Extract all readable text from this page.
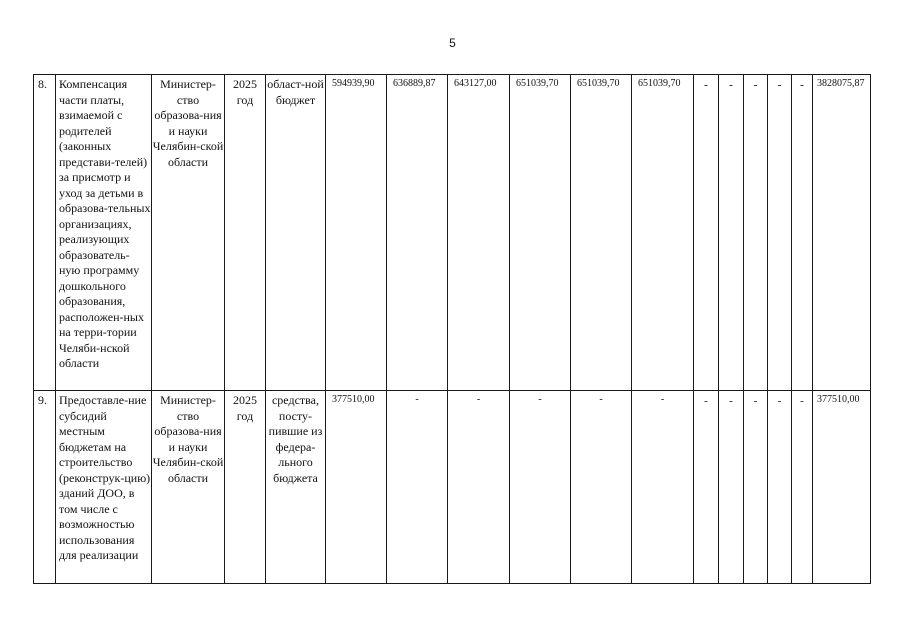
5
8.	Компенсация части платы, взимаемой с родителей (законных представи-телей) за присмотр и уход за детьми в образова-тельных организациях, реализующих образователь-ную программу дошкольного образования, расположен-ных на терри-тории Челяби-нской области	Министер-ство образова-ния и науки Челябин-ской области	2025 год	област-ной бюджет	594939,90	636889,87	643127,00	651039,70	651039,70	651039,70	-	-	-	-	-	3828075,87
9.	Предоставле-ние субсидий местным бюджетам на строительство (реконструк-цию) зданий ДОО, в том числе с возможностью использования для реализации	Министер-ство образова-ния и науки Челябин-ской области	2025 год	средства, посту-пившие из федера-льного бюджета	377510,00	-	-	-	-	-	-	-	-	-	-	377510,00
